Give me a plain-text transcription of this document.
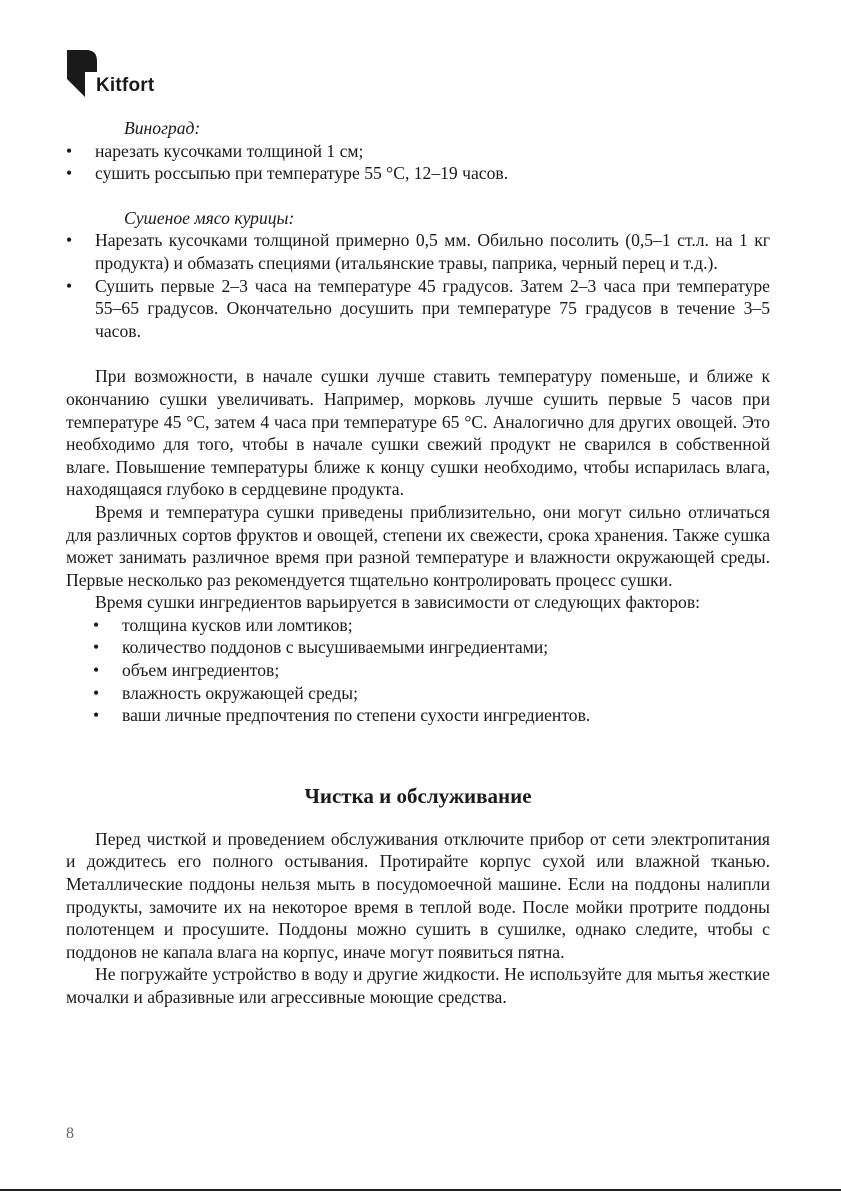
Kitfort

Виноград:

• нарезать кусочками толщиной 1 см;
• сушить россыпью при температуре 55 °C, 12–19 часов.

Сушеное мясо курицы:

• Нарезать кусочками толщиной примерно 0,5 мм. Обильно посолить (0,5–1 ст.л. на 1 кг продукта) и обмазать специями (итальянские травы, паприка, черный перец и т.д.).
• Сушить первые 2–3 часа на температуре 45 градусов. Затем 2–3 часа при температуре 55–65 градусов. Окончательно досушить при температуре 75 градусов в течение 3–5 часов.

При возможности, в начале сушки лучше ставить температуру поменьше, и ближе к окончанию сушки увеличивать. Например, морковь лучше сушить первые 5 часов при температуре 45 °C, затем 4 часа при температуре 65 °C. Аналогично для других овощей. Это необходимо для того, чтобы в начале сушки свежий продукт не сварился в собственной влаге. Повышение температуры ближе к концу сушки необходимо, чтобы испарилась влага, находящаяся глубоко в сердцевине продукта.

Время и температура сушки приведены приблизительно, они могут сильно отличаться для различных сортов фруктов и овощей, степени их свежести, срока хранения. Также сушка может занимать различное время при разной температуре и влажности окружающей среды. Первые несколько раз рекомендуется тщательно контролировать процесс сушки.

Время сушки ингредиентов варьируется в зависимости от следующих факторов:

• толщина кусков или ломтиков;
• количество поддонов с высушиваемыми ингредиентами;
• объем ингредиентов;
• влажность окружающей среды;
• ваши личные предпочтения по степени сухости ингредиентов.
Чистка и обслуживание

Перед чисткой и проведением обслуживания отключите прибор от сети электропитания и дождитесь его полного остывания. Протирайте корпус сухой или влажной тканью. Металлические поддоны нельзя мыть в посудомоечной машине. Если на поддоны налипли продукты, замочите их на некоторое время в теплой воде. После мойки протрите поддоны полотенцем и просушите. Поддоны можно сушить в сушилке, однако следите, чтобы с поддонов не капала влага на корпус, иначе могут появиться пятна.

Не погружайте устройство в воду и другие жидкости. Не используйте для мытья жесткие мочалки и абразивные или агрессивные моющие средства.

8
